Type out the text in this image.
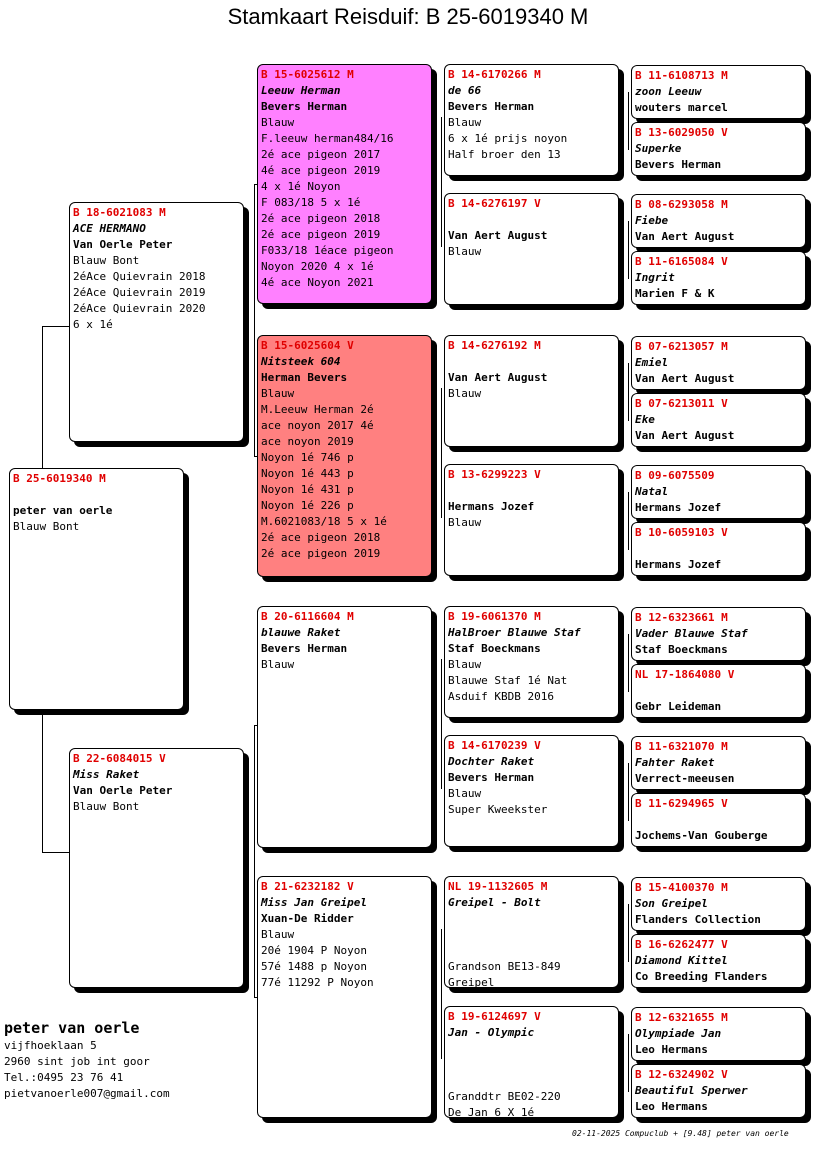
Stamkaart Reisduif: B 25-6019340 M
B 25-6019340 M

peter van oerle
Blauw Bont
B 18-6021083 M
ACE HERMANO
Van Oerle Peter
Blauw Bont
2éAce Quievrain 2018
2éAce Quievrain 2019
2éAce Quievrain 2020
6 x 1é
B 22-6084015 V
Miss Raket
Van Oerle Peter
Blauw Bont
B 15-6025612 M
Leeuw Herman
Bevers Herman
Blauw
F.leeuw herman484/16
2é ace pigeon 2017
4é ace pigeon 2019
4 x 1é Noyon
F 083/18 5 x 1é
2é ace pigeon 2018
2é ace pigeon 2019
F033/18 1éace pigeon
Noyon 2020 4 x 1é
4é ace Noyon 2021
B 15-6025604 V
Nitsteek 604
Herman Bevers
Blauw
M.Leeuw Herman 2é
ace noyon 2017 4é
ace noyon 2019
Noyon 1é 746 p
Noyon 1é 443 p
Noyon 1é 431 p
Noyon 1é 226 p
M.6021083/18 5 x 1é
2é ace pigeon 2018
2é ace pigeon 2019
B 20-6116604 M
blauwe Raket
Bevers Herman
Blauw
B 21-6232182 V
Miss Jan Greipel
Xuan-De Ridder
Blauw
20é 1904 P Noyon
57é 1488 p Noyon
77é 11292 P Noyon
B 14-6170266 M
de 66
Bevers Herman
Blauw
6 x 1é prijs noyon
Half broer den 13
B 14-6276197 V

Van Aert August
Blauw
B 14-6276192 M

Van Aert August
Blauw
B 13-6299223 V

Hermans Jozef
Blauw
B 19-6061370 M
HalBroer Blauwe Staf
Staf Boeckmans
Blauw
Blauwe Staf 1é Nat
Asduif KBDB 2016
B 14-6170239 V
Dochter Raket
Bevers Herman
Blauw
Super Kweekster
NL 19-1132605 M
Greipel - Bolt

Grandson BE13-849
Greipel
B 19-6124697 V
Jan - Olympic

Granddtr BE02-220
De Jan 6 X 1é
B 11-6108713 M
zoon Leeuw
wouters marcel
B 13-6029050 V
Superke
Bevers Herman
B 08-6293058 M
Fiebe
Van Aert August
B 11-6165084 V
Ingrit
Marien F & K
B 07-6213057 M
Emiel
Van Aert August
B 07-6213011 V
Eke
Van Aert August
B 09-6075509
Natal
Hermans Jozef
B 10-6059103 V

Hermans Jozef
B 12-6323661 M
Vader Blauwe Staf
Staf Boeckmans
NL 17-1864080 V

Gebr Leideman
B 11-6321070 M
Fahter Raket
Verrect-meeusen
B 11-6294965 V

Jochems-Van Gouberge
B 15-4100370 M
Son Greipel
Flanders Collection
B 16-6262477 V
Diamond Kittel
Co Breeding Flanders
B 12-6321655 M
Olympiade Jan
Leo Hermans
B 12-6324902 V
Beautiful Sperwer
Leo Hermans
peter van oerle
vijfhoeklaan 5
2960 sint job int goor
Tel.:0495 23 76 41
pietvanoerle007@gmail.com
02-11-2025 Compuclub + [9.48] peter van oerle
